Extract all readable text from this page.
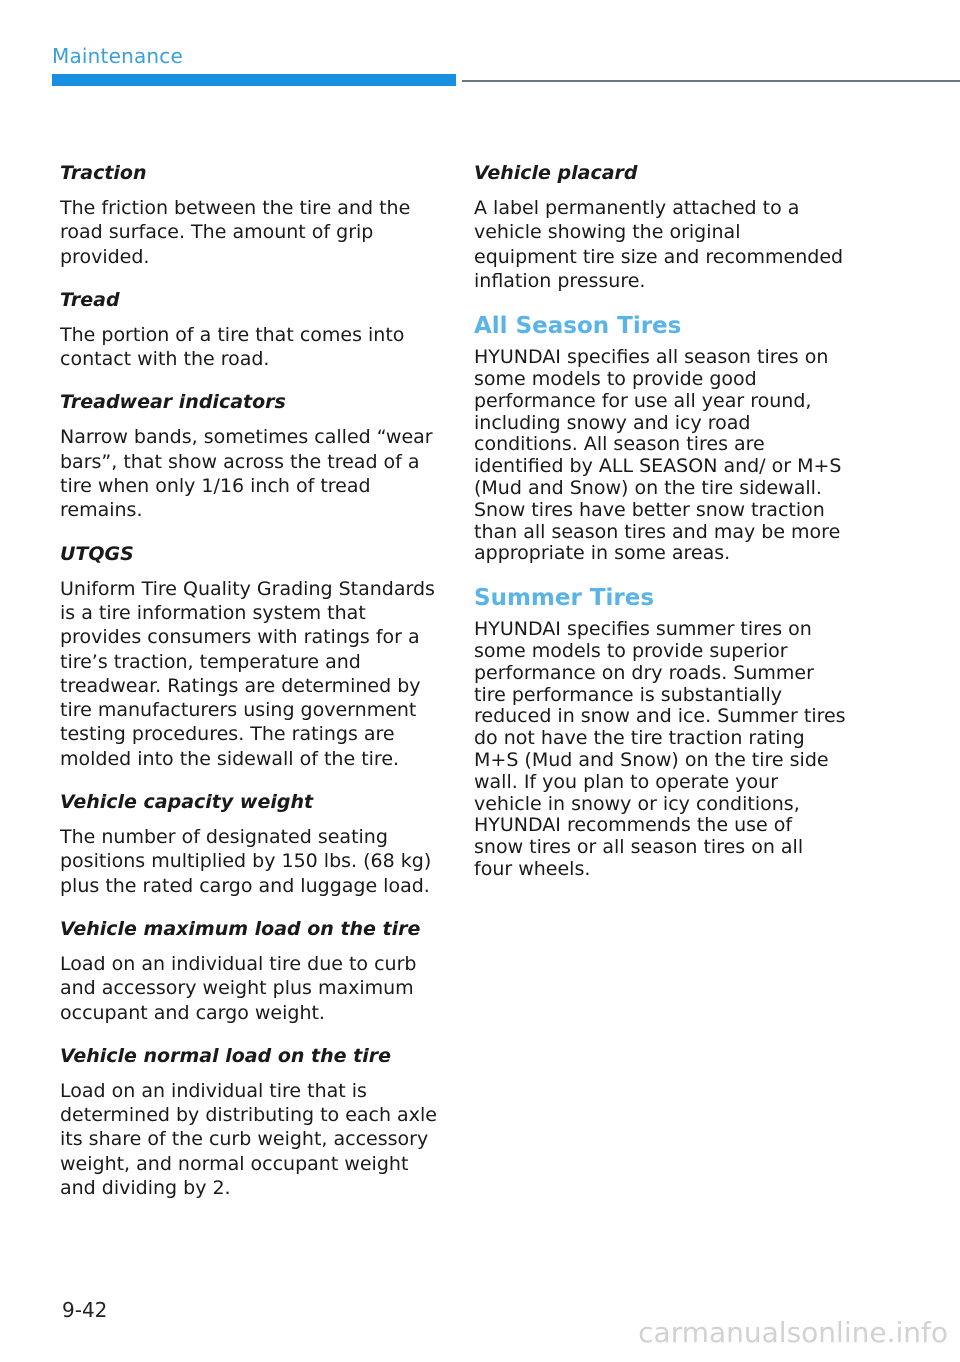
Maintenance

Traction

The friction between the tire and the road surface. The amount of grip provided.

Tread

The portion of a tire that comes into contact with the road.

Treadwear indicators

Narrow bands, sometimes called “wear bars”, that show across the tread of a tire when only 1/16 inch of tread remains.

UTQGS

Uniform Tire Quality Grading Standards is a tire information system that provides consumers with ratings for a tire’s traction, temperature and treadwear. Ratings are determined by tire manufacturers using government testing procedures. The ratings are molded into the sidewall of the tire.

Vehicle capacity weight

The number of designated seating positions multiplied by 150 lbs. (68 kg) plus the rated cargo and luggage load.

Vehicle maximum load on the tire

Load on an individual tire due to curb and accessory weight plus maximum occupant and cargo weight.

Vehicle normal load on the tire

Load on an individual tire that is determined by distributing to each axle its share of the curb weight, accessory weight, and normal occupant weight and dividing by 2.

Vehicle placard

A label permanently attached to a vehicle showing the original equipment tire size and recommended inflation pressure.

All Season Tires

HYUNDAI specifies all season tires on some models to provide good performance for use all year round, including snowy and icy road conditions. All season tires are identified by ALL SEASON and/ or M+S (Mud and Snow) on the tire sidewall. Snow tires have better snow traction than all season tires and may be more appropriate in some areas.

Summer Tires

HYUNDAI specifies summer tires on some models to provide superior performance on dry roads. Summer tire performance is substantially reduced in snow and ice. Summer tires do not have the tire traction rating M+S (Mud and Snow) on the tire side wall. If you plan to operate your vehicle in snowy or icy conditions, HYUNDAI recommends the use of snow tires or all season tires on all four wheels.

9-42
carmanualsonline.info
